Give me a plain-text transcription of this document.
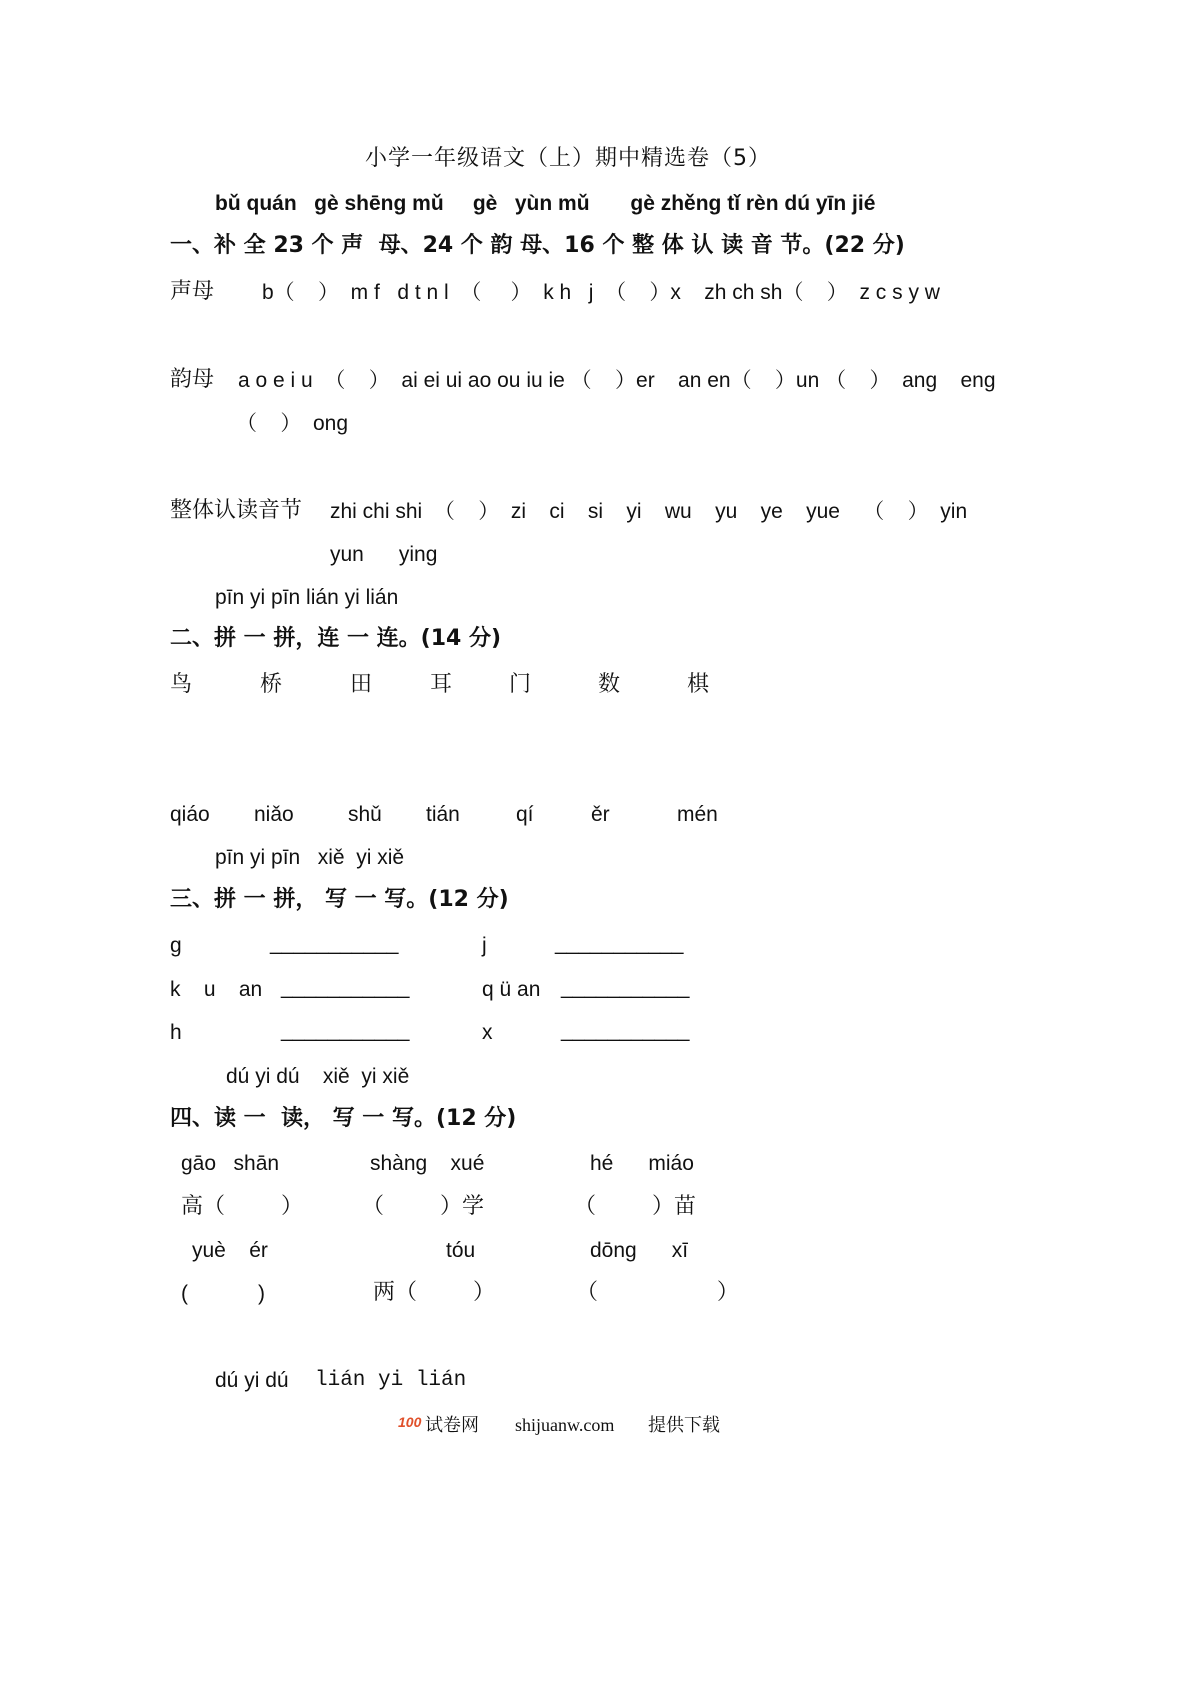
小学一年级语文（上）期中精选卷（5）
bǔ quán   gè shēng mǔ     gè   yùn mǔ       gè zhěng tǐ rèn dú yīn jié
一、补 全 23 个 声  母、24 个 韵 母、16 个 整 体 认 读 音 节。(22 分)
声母 b（    ）  m f   d t n l  （     ）  k h   j  （    ）x    zh ch sh（    ）  z c s y w
韵母 a o e i u  （    ）  ai ei ui ao ou iu ie （    ）er    an en（    ）un （    ）  ang    eng
（    ）  ong
整体认读音节 zhi chi shi  （    ）  zi    ci    si    yi    wu    yu    ye    yue    （    ）  yin
yun      ying
pīn yi pīn lián yi lián
二、拼 一 拼，连 一 连。(14 分)
鸟	桥	田	耳	门	数	棋
qiáo niǎo	shǔ tián	qí	ěr	mén
pīn yi pīn   xiě  yi xiě
三、拼 一 拼， 写 一 写。(12 分)
g	___________	j	___________
k    u    an ___________	q ü an ___________
h	___________	x	___________
dú yi dú    xiě  yi xiě
四、读 一  读， 写 一 写。(12 分)
gāo   shān	shàng    xué	hé      miáo
高（        ）	（        ）学	（        ）苗
yuè    ér	tóu	dōng      xī
(            )	两（        ）	（                 ）
dú yi dú lián yi lián
100 试卷网 shijuanw.com 提供下载
